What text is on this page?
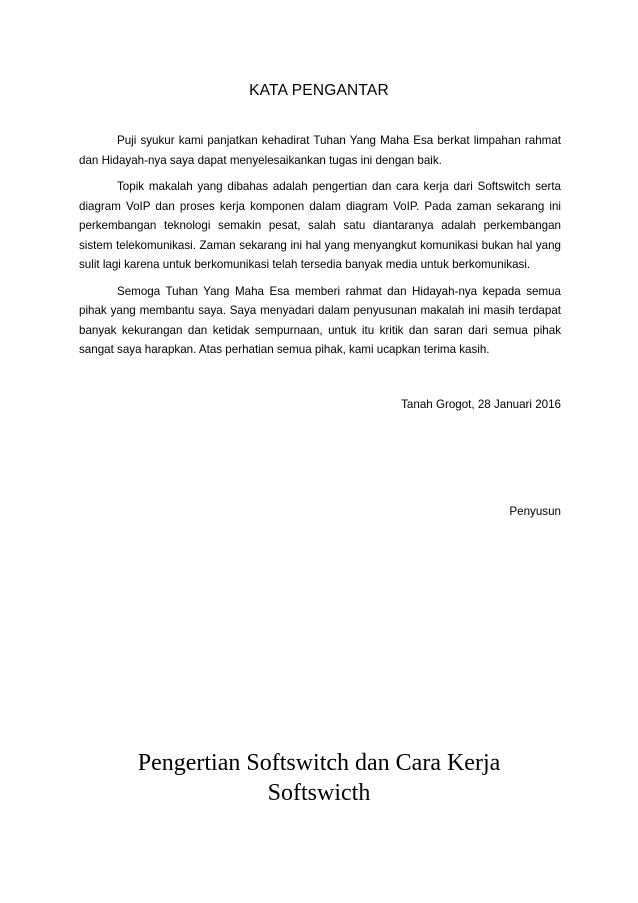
KATA PENGANTAR

Puji syukur kami panjatkan kehadirat Tuhan Yang Maha Esa berkat limpahan rahmat dan Hidayah-nya saya dapat menyelesaikankan tugas ini dengan baik.

Topik makalah yang dibahas adalah pengertian dan cara kerja dari Softswitch serta diagram VoIP dan proses kerja komponen dalam diagram VoIP. Pada zaman sekarang ini perkembangan teknologi semakin pesat, salah satu diantaranya adalah perkembangan sistem telekomunikasi. Zaman sekarang ini hal yang menyangkut komunikasi bukan hal yang sulit lagi karena untuk berkomunikasi telah tersedia banyak media untuk berkomunikasi.

Semoga Tuhan Yang Maha Esa memberi rahmat dan Hidayah-nya kepada semua pihak yang membantu saya. Saya menyadari dalam penyusunan makalah ini masih terdapat banyak kekurangan dan ketidak sempurnaan, untuk itu kritik dan saran dari semua pihak sangat saya harapkan. Atas perhatian semua pihak, kami ucapkan terima kasih.

Tanah Grogot, 28 Januari 2016
Penyusun
Pengertian Softswitch dan Cara Kerja
Softswicth
